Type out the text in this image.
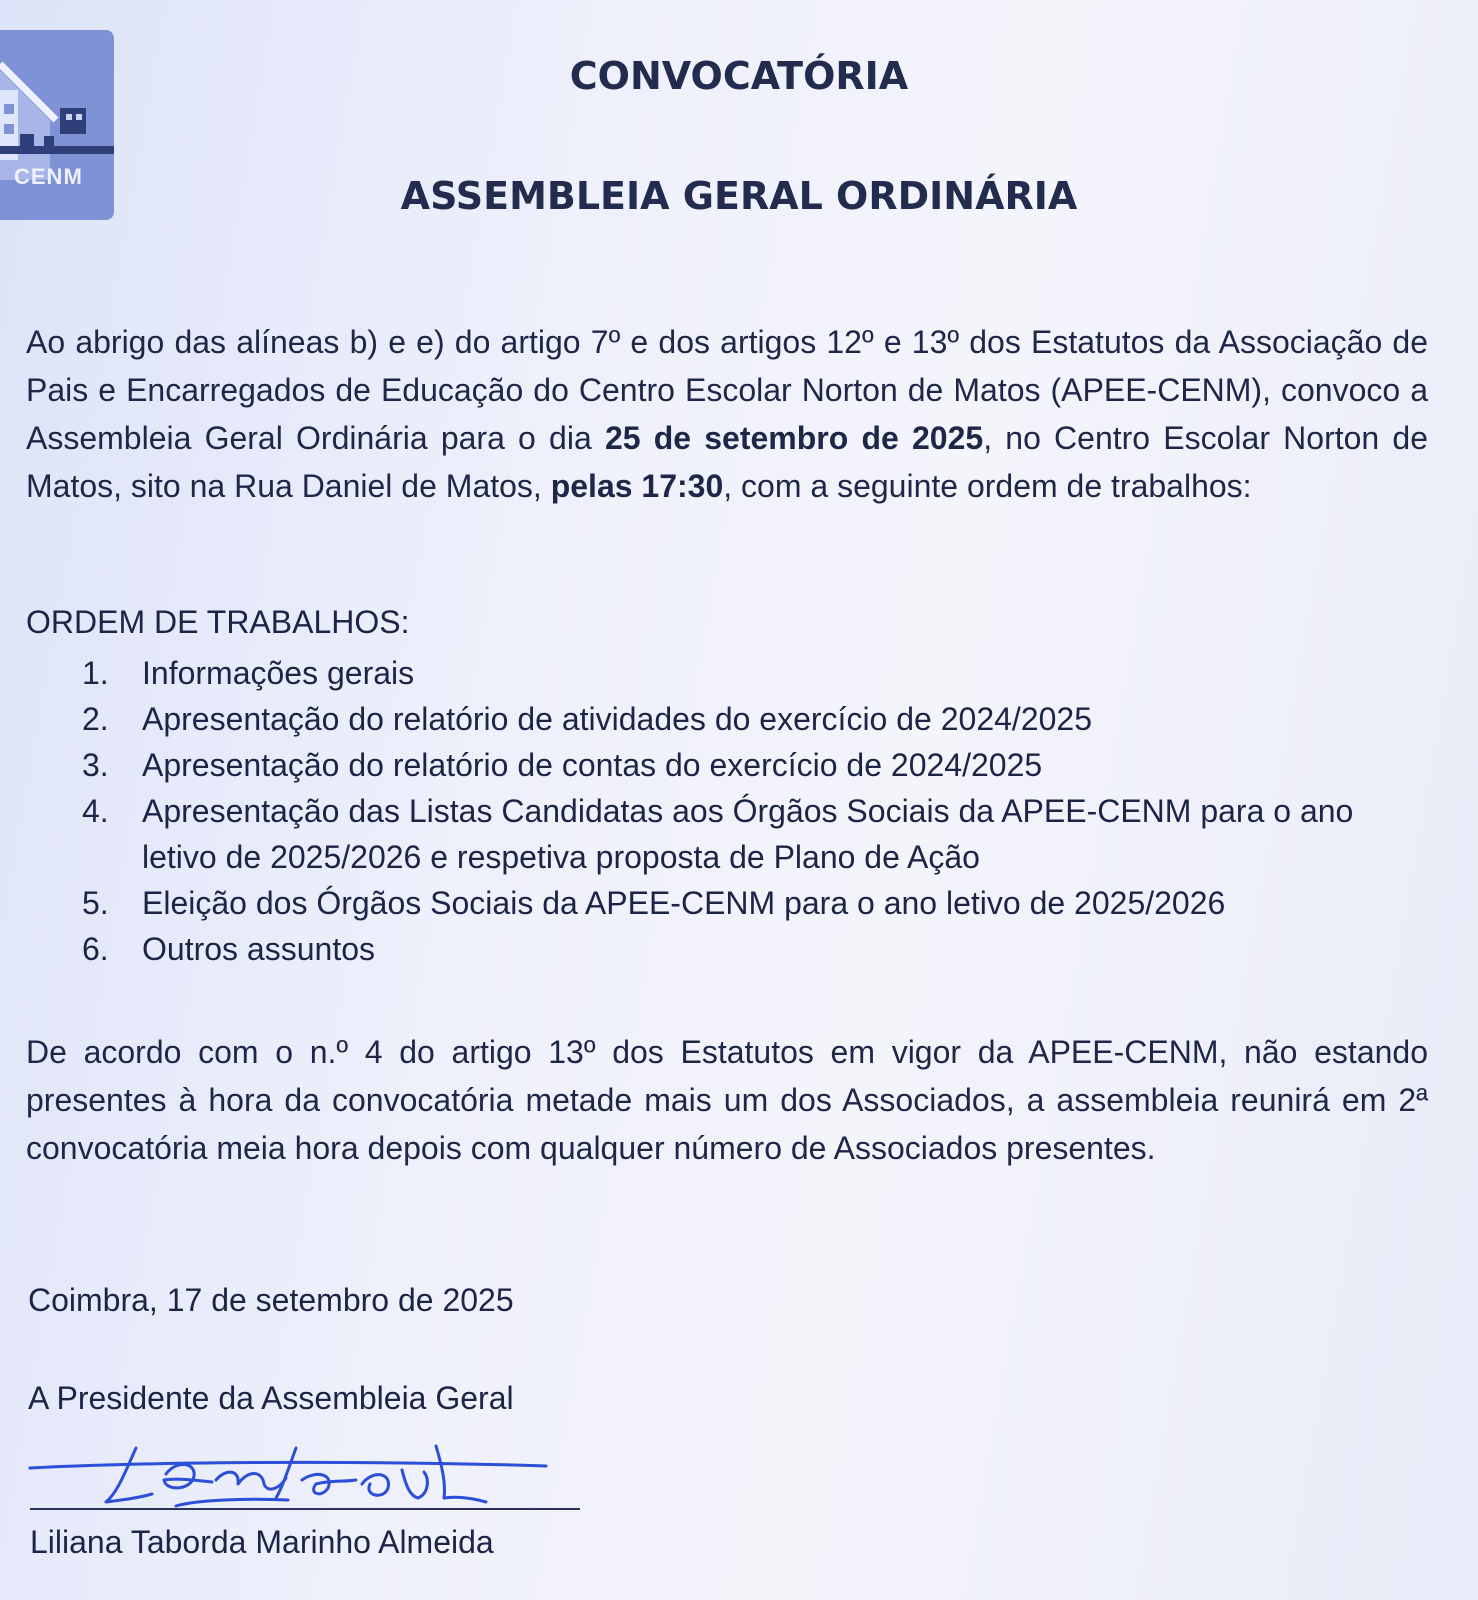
CENM
CONVOCATÓRIA
ASSEMBLEIA GERAL ORDINÁRIA

Ao abrigo das alíneas b) e e) do artigo 7º e dos artigos 12º e 13º dos Estatutos da Associação de Pais e Encarregados de Educação do Centro Escolar Norton de Matos (APEE-CENM), convoco a Assembleia Geral Ordinária para o dia 25 de setembro de 2025, no Centro Escolar Norton de Matos, sito na Rua Daniel de Matos, pelas 17:30, com a seguinte ordem de trabalhos:

ORDEM DE TRABALHOS:

1. Informações gerais
2. Apresentação do relatório de atividades do exercício de 2024/2025
3. Apresentação do relatório de contas do exercício de 2024/2025
4. Apresentação das Listas Candidatas aos Órgãos Sociais da APEE-CENM para o ano letivo de 2025/2026 e respetiva proposta de Plano de Ação
5. Eleição dos Órgãos Sociais da APEE-CENM para o ano letivo de 2025/2026
6. Outros assuntos

De acordo com o n.º 4 do artigo 13º dos Estatutos em vigor da APEE-CENM, não estando presentes à hora da convocatória metade mais um dos Associados, a assembleia reunirá em 2ª convocatória meia hora depois com qualquer número de Associados presentes.

Coimbra, 17 de setembro de 2025

A Presidente da Assembleia Geral

Liliana Taborda Marinho Almeida
